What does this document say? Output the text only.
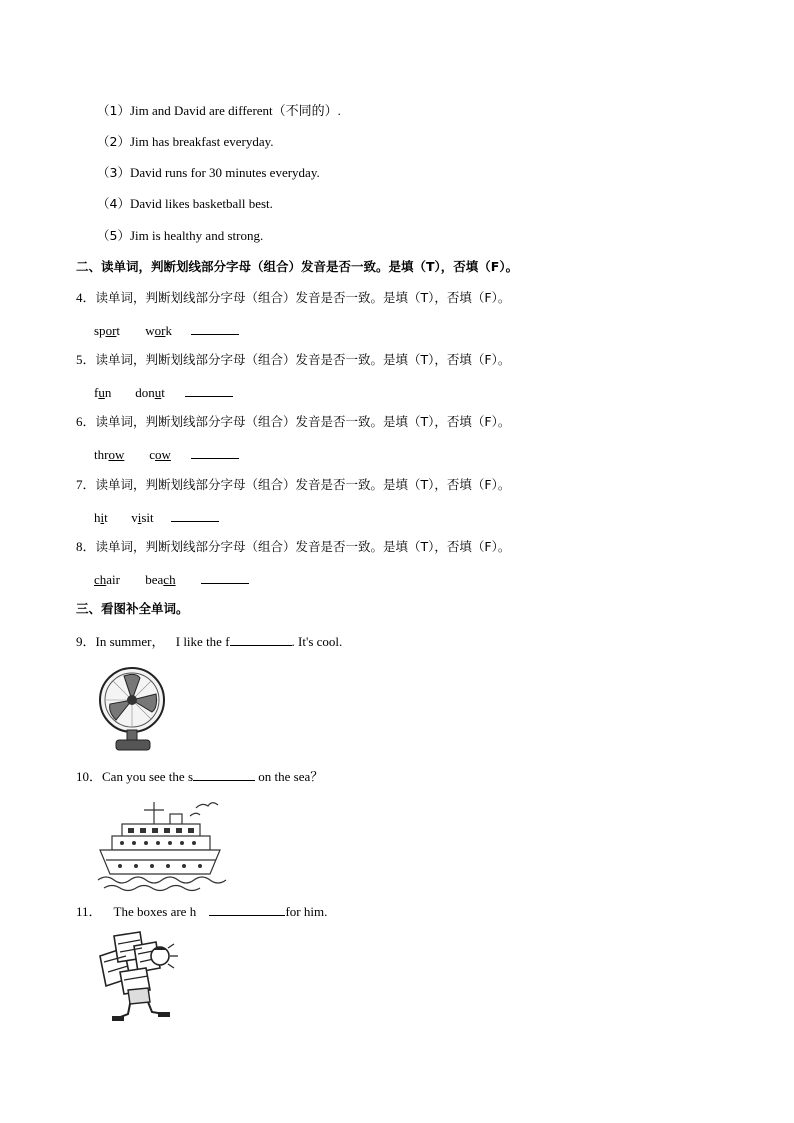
（1）Jim and David are different（不同的）.
（2）Jim has breakfast everyday.
（3）David runs for 30 minutes everyday.
（4）David likes basketball best.
（5）Jim is healthy and strong.
二、读单词，判断划线部分字母（组合）发音是否一致。是填（T），否填（F）。
4．读单词，判断划线部分字母（组合）发音是否一致。是填（T），否填（F）。
sport work
5．读单词，判断划线部分字母（组合）发音是否一致。是填（T），否填（F）。
fun donut
6．读单词，判断划线部分字母（组合）发音是否一致。是填（T），否填（F）。
throw cow
7．读单词，判断划线部分字母（组合）发音是否一致。是填（T），否填（F）。
hit visit
8．读单词，判断划线部分字母（组合）发音是否一致。是填（T），否填（F）。
chair beach
三、看图补全单词。
9．In summer， I like the f	. It's cool.
10．Can you see the s	on the sea？
11． The boxes are h	for him.
